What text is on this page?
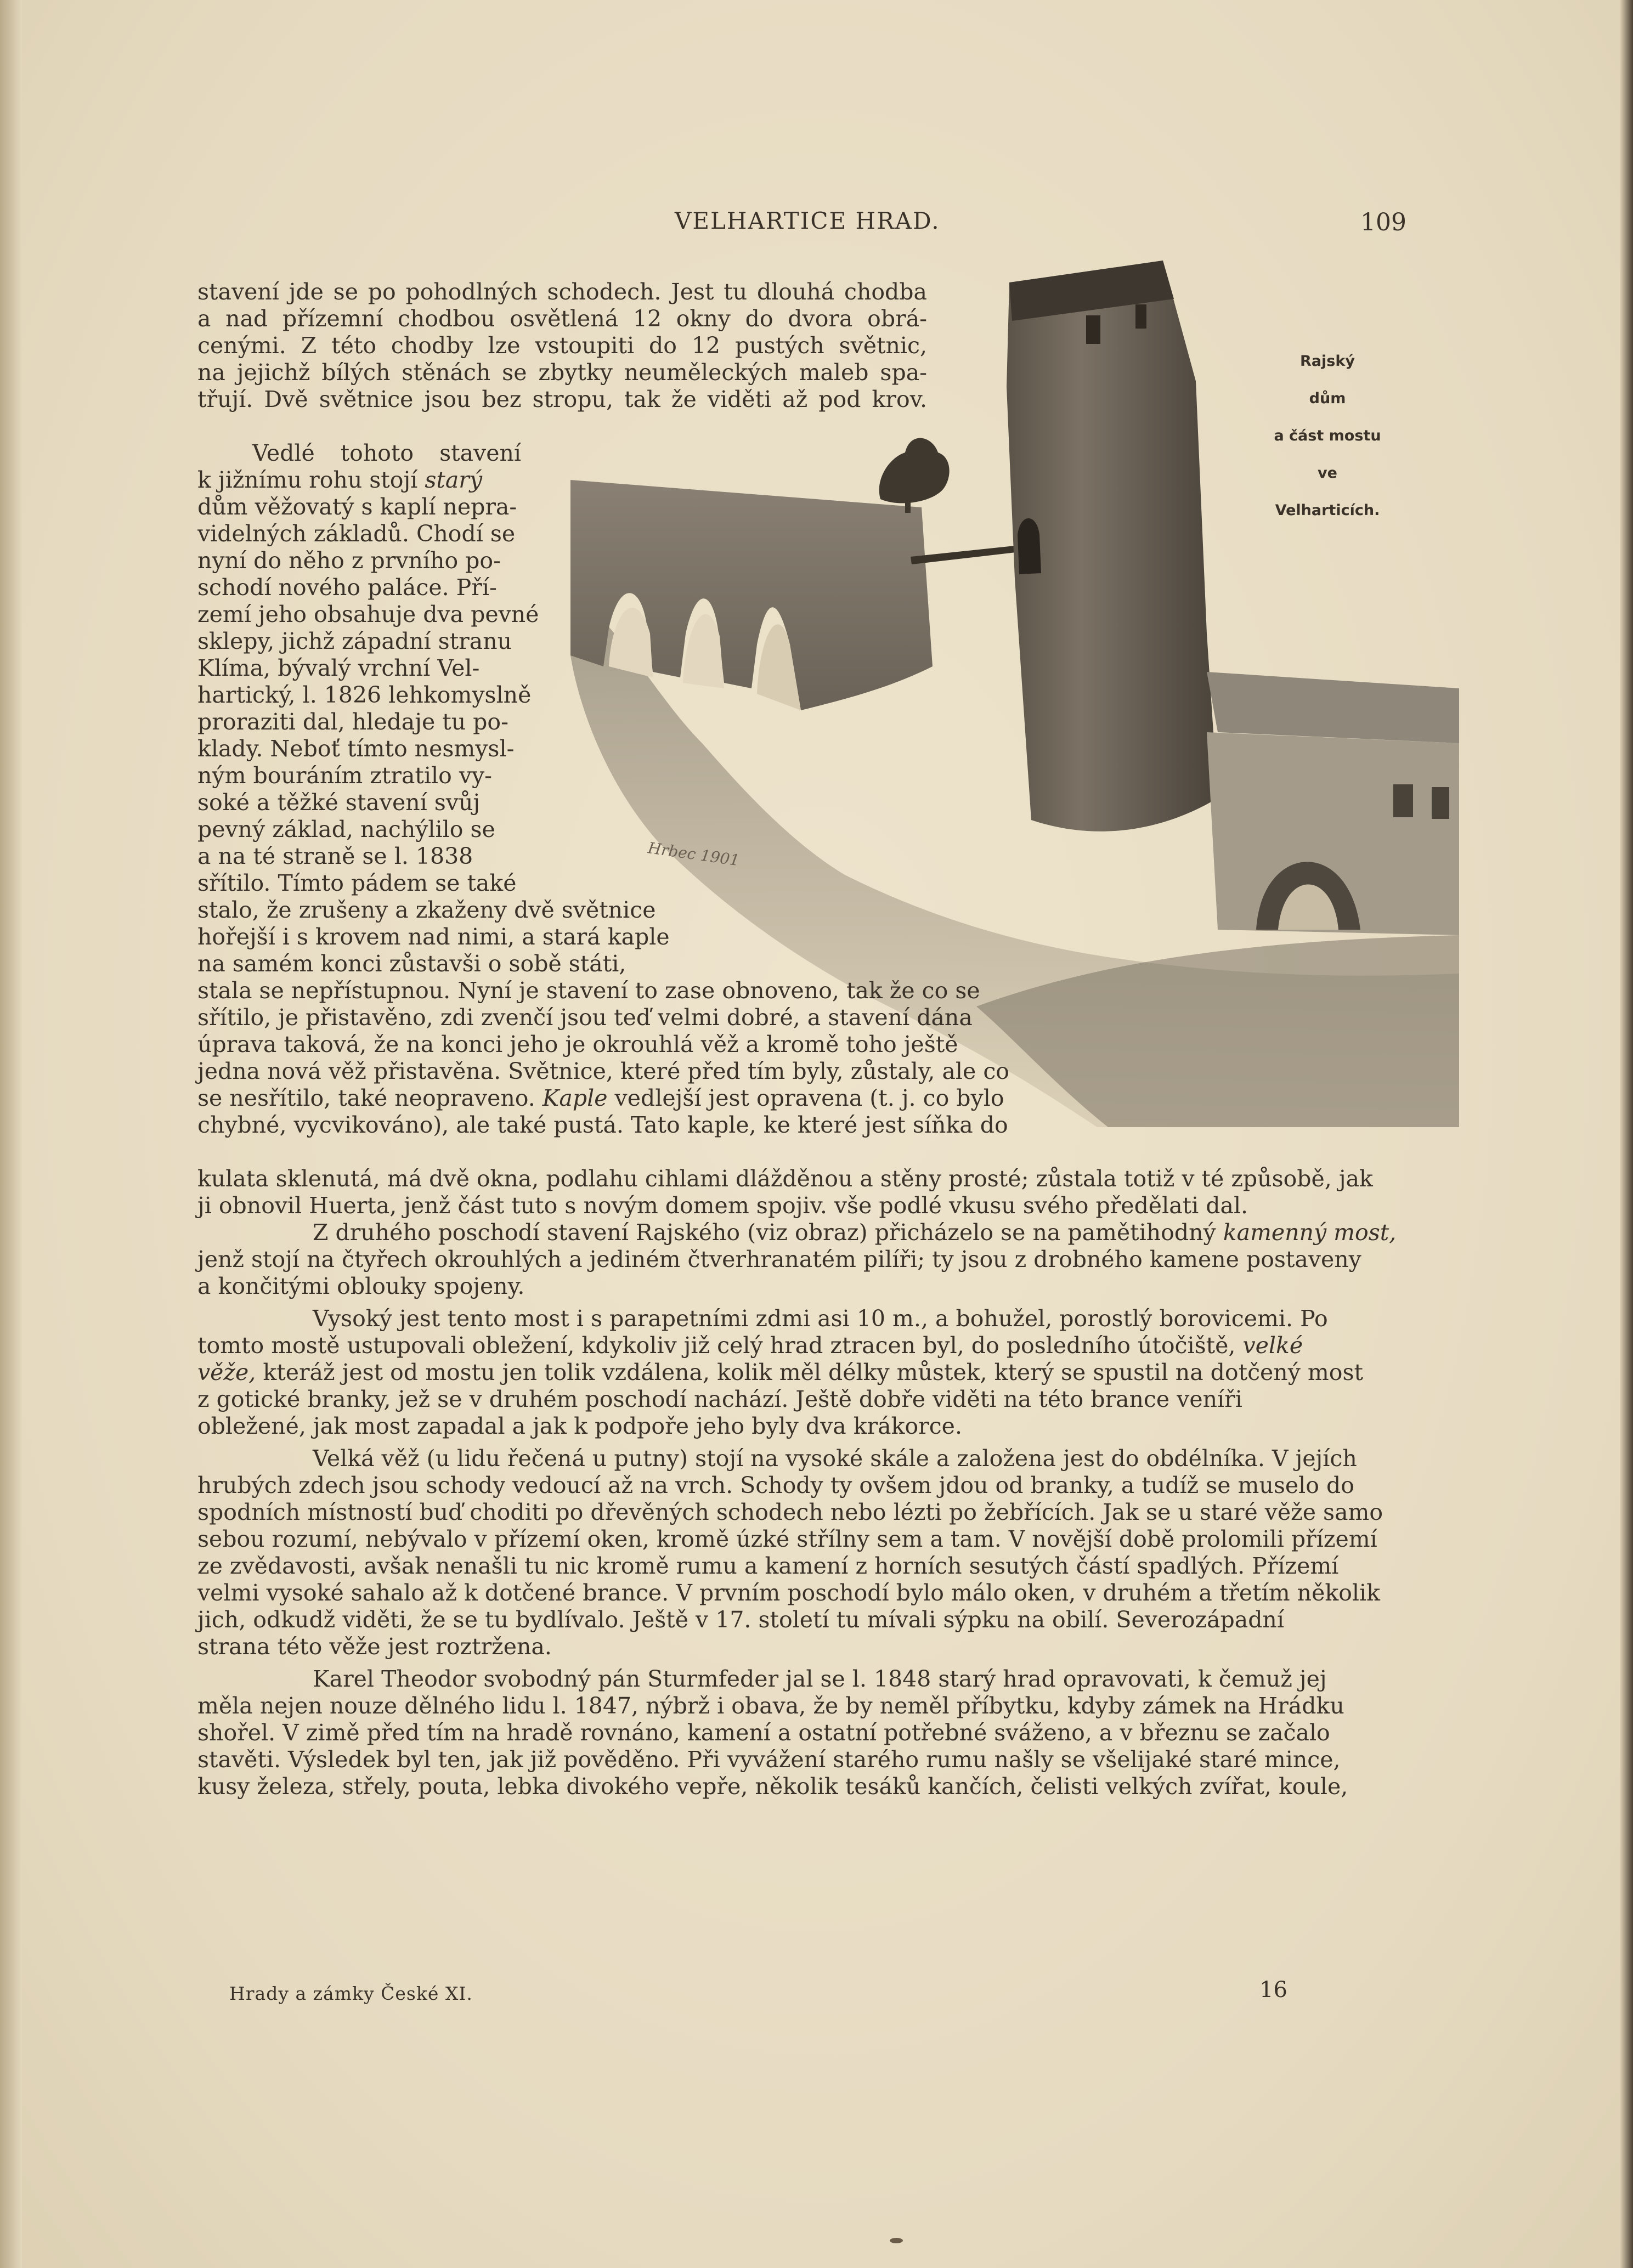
VELHARTICE HRAD.	109
Hrbec 1901
Rajský
dům
a část mostu
ve
Velharticích.
stavení jde se po pohodlných schodech. Jest tu dlouhá chodba
a nad přízemní chodbou osvětlená 12 okny do dvora obrá-
cenými. Z této chodby lze vstoupiti do 12 pustých světnic,
na jejichž bílých stěnách se zbytky neuměleckých maleb spa-
třují. Dvě světnice jsou bez stropu, tak že viděti až pod krov.
Vedlé tohoto stavení
k jižnímu rohu stojí starý
dům věžovatý s kaplí nepra-
videlných základů. Chodí se
nyní do něho z prvního po-
schodí nového paláce. Pří-
zemí jeho obsahuje dva pevné
sklepy, jichž západní stranu
Klíma, bývalý vrchní Vel-
hartický, l. 1826 lehkomyslně
proraziti dal, hledaje tu po-
klady. Neboť tímto nesmysl-
ným bouráním ztratilo vy-
soké a těžké stavení svůj
pevný základ, nachýlilo se
a na té straně se l. 1838
sřítilo. Tímto pádem se také
stalo, že zrušeny a zkaženy dvě světnice
hořejší i s krovem nad nimi, a stará kaple
na samém konci zůstavši o sobě státi,
stala se nepřístupnou. Nyní je stavení to zase obnoveno, tak že co se
sřítilo, je přistavěno, zdi zvenčí jsou teď velmi dobré, a stavení dána
úprava taková, že na konci jeho je okrouhlá věž a kromě toho ještě
jedna nová věž přistavěna. Světnice, které před tím byly, zůstaly, ale co
se nesřítilo, také neopraveno. Kaple vedlejší jest opravena (t. j. co bylo
chybné, vycvikováno), ale také pustá. Tato kaple, ke které jest síňka do
kulata sklenutá, má dvě okna, podlahu cihlami dlážděnou a stěny prosté; zůstala totiž v té způsobě, jak
ji obnovil Huerta, jenž část tuto s novým domem spojiv. vše podlé vkusu svého předělati dal.
Z druhého poschodí stavení Rajského (viz obraz) přicházelo se na pamětihodný kamenný most,
jenž stojí na čtyřech okrouhlých a jediném čtverhranatém pilíři; ty jsou z drobného kamene postaveny
a končitými oblouky spojeny.
Vysoký jest tento most i s parapetními zdmi asi 10 m., a bohužel, porostlý borovicemi. Po
tomto mostě ustupovali obležení, kdykoliv již celý hrad ztracen byl, do posledního útočiště, velké
věže, kteráž jest od mostu jen tolik vzdálena, kolik měl délky můstek, který se spustil na dotčený most
z gotické branky, jež se v druhém poschodí nachází. Ještě dobře viděti na této brance veníři
obležené, jak most zapadal a jak k podpoře jeho byly dva krákorce.
Velká věž (u lidu řečená u putny) stojí na vysoké skále a založena jest do obdélníka. V jejích
hrubých zdech jsou schody vedoucí až na vrch. Schody ty ovšem jdou od branky, a tudíž se muselo do
spodních místností buď choditi po dřevěných schodech nebo lézti po žebřících. Jak se u staré věže samo
sebou rozumí, nebývalo v přízemí oken, kromě úzké střílny sem a tam. V novější době prolomili přízemí
ze zvědavosti, avšak nenašli tu nic kromě rumu a kamení z horních sesutých částí spadlých. Přízemí
velmi vysoké sahalo až k dotčené brance. V prvním poschodí bylo málo oken, v druhém a třetím několik
jich, odkudž viděti, že se tu bydlívalo. Ještě v 17. století tu mívali sýpku na obilí. Severozápadní
strana této věže jest roztržena.
Karel Theodor svobodný pán Sturmfeder jal se l. 1848 starý hrad opravovati, k čemuž jej
měla nejen nouze dělného lidu l. 1847, nýbrž i obava, že by neměl příbytku, kdyby zámek na Hrádku
shořel. V zimě před tím na hradě rovnáno, kamení a ostatní potřebné sváženo, a v březnu se začalo
stavěti. Výsledek byl ten, jak již pověděno. Při vyvážení starého rumu našly se všelijaké staré mince,
kusy železa, střely, pouta, lebka divokého vepře, několik tesáků kančích, čelisti velkých zvířat, koule,
Hrady a zámky České XI.	16
